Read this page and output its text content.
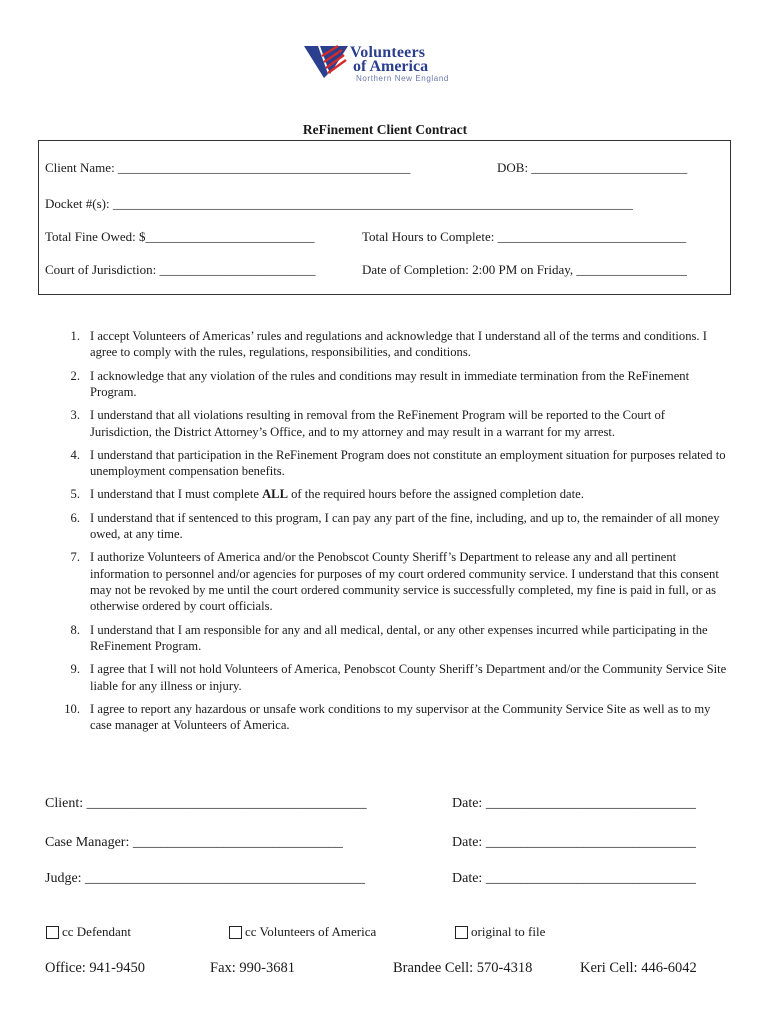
Volunteers
of America
Northern New England
ReFinement Client Contract
Client Name: _____________________________________________	DOB: ________________________
Docket #(s): ________________________________________________________________________________
Total Fine Owed: $__________________________	Total Hours to Complete: _____________________________
Court of Jurisdiction: ________________________	Date of Completion: 2:00 PM on Friday, _________________
1. I accept Volunteers of Americas’ rules and regulations and acknowledge that I understand all of the terms and conditions. I agree to comply with the rules, regulations, responsibilities, and conditions.
2. I acknowledge that any violation of the rules and conditions may result in immediate termination from the ReFinement Program.
3. I understand that all violations resulting in removal from the ReFinement Program will be reported to the Court of Jurisdiction, the District Attorney’s Office, and to my attorney and may result in a warrant for my arrest.
4. I understand that participation in the ReFinement Program does not constitute an employment situation for purposes related to unemployment compensation benefits.
5. I understand that I must complete ALL of the required hours before the assigned completion date.
6. I understand that if sentenced to this program, I can pay any part of the fine, including, and up to, the remainder of all money owed, at any time.
7. I authorize Volunteers of America and/or the Penobscot County Sheriff’s Department to release any and all pertinent information to personnel and/or agencies for purposes of my court ordered community service. I understand that this consent may not be revoked by me until the court ordered community service is successfully completed, my fine is paid in full, or as otherwise ordered by court officials.
8. I understand that I am responsible for any and all medical, dental, or any other expenses incurred while participating in the ReFinement Program.
9. I agree that I will not hold Volunteers of America, Penobscot County Sheriff’s Department and/or the Community Service Site liable for any illness or injury.
10. I agree to report any hazardous or unsafe work conditions to my supervisor at the Community Service Site as well as to my case manager at Volunteers of America.
Client: ________________________________________	Date: ______________________________
Case Manager: ______________________________	Date: ______________________________
Judge: ________________________________________	Date: ______________________________
cc Defendant	cc Volunteers of America	original to file
Office: 941-9450	Fax: 990-3681	Brandee Cell: 570-4318	Keri Cell: 446-6042
